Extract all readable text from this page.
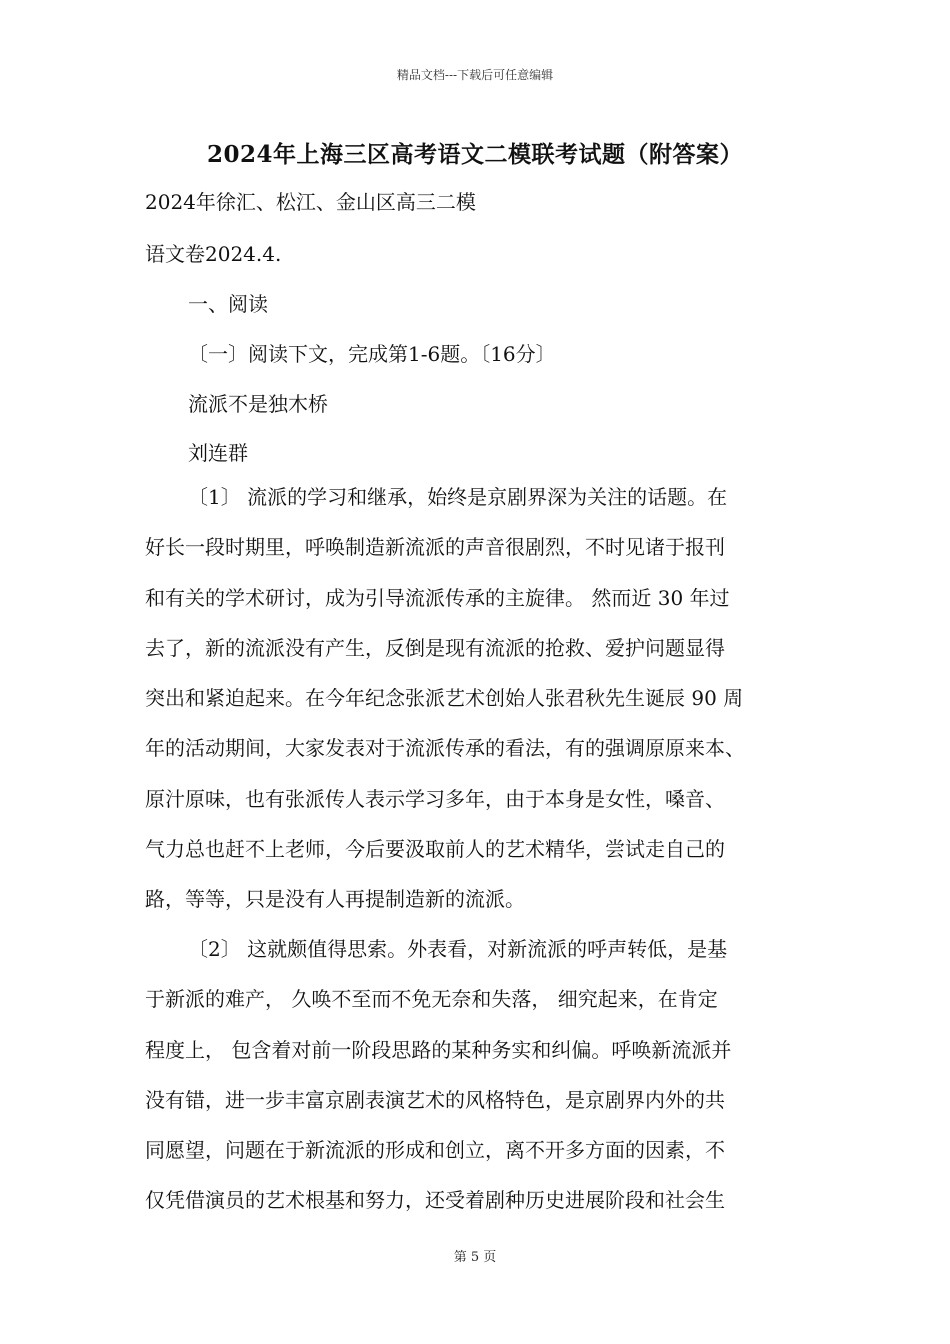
精品文档---下载后可任意编辑
2024年上海三区高考语文二模联考试题（附答案）
2024年徐汇、松江、金山区高三二模
语文卷2024.4.
一、阅读
〔一〕阅读下文，完成第1-6题。〔16分〕
流派不是独木桥
刘连群
〔1〕 流派的学习和继承，始终是京剧界深为关注的话题。在
好长一段时期里，呼唤制造新流派的声音很剧烈，不时见诸于报刊
和有关的学术研讨，成为引导流派传承的主旋律。 然而近 30 年过
去了，新的流派没有产生，反倒是现有流派的抢救、爱护问题显得
突出和紧迫起来。在今年纪念张派艺术创始人张君秋先生诞辰 90 周
年的活动期间，大家发表对于流派传承的看法，有的强调原原来本、
原汁原味，也有张派传人表示学习多年，由于本身是女性，嗓音、
气力总也赶不上老师，今后要汲取前人的艺术精华，尝试走自己的
路，等等，只是没有人再提制造新的流派。
〔2〕 这就颇值得思索。外表看，对新流派的呼声转低，是基
于新派的难产， 久唤不至而不免无奈和失落， 细究起来，在肯定
程度上， 包含着对前一阶段思路的某种务实和纠偏。呼唤新流派并
没有错，进一步丰富京剧表演艺术的风格特色，是京剧界内外的共
同愿望，问题在于新流派的形成和创立，离不开多方面的因素，不
仅凭借演员的艺术根基和努力，还受着剧种历史进展阶段和社会生
第 5 页
